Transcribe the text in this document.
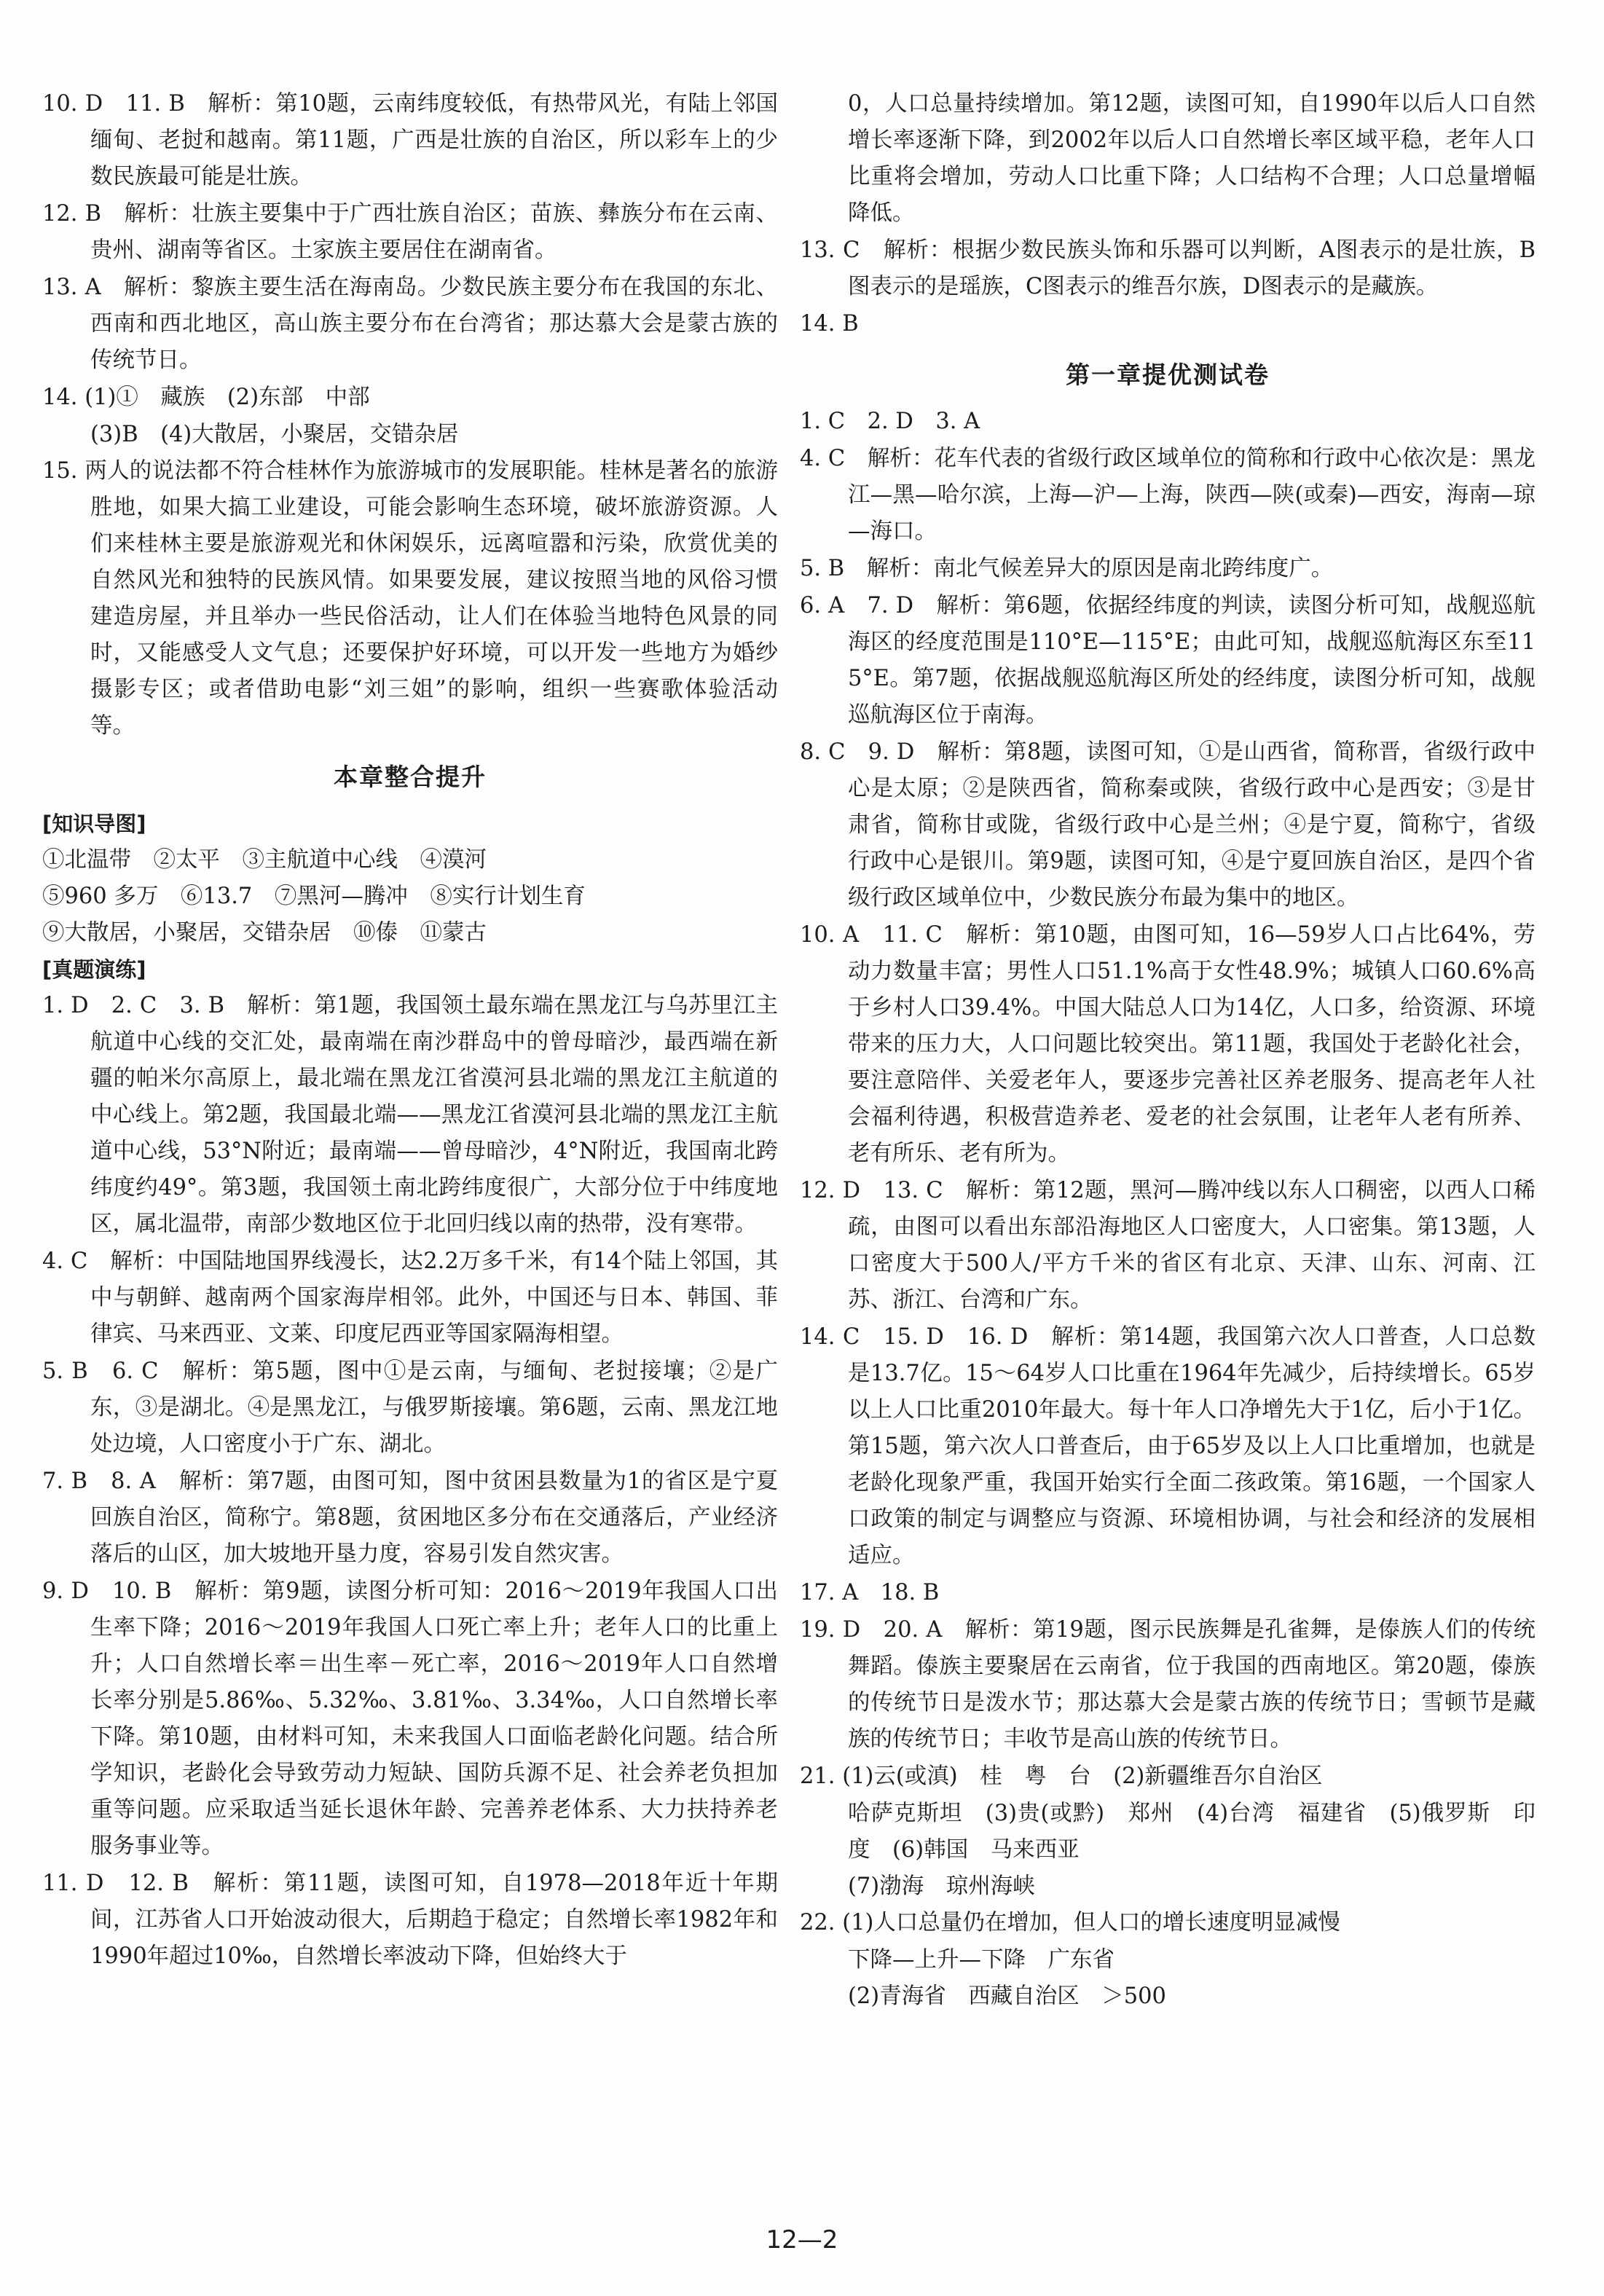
10. D　11. B　解析：第10题，云南纬度较低，有热带风光，有陆上邻国缅甸、老挝和越南。第11题，广西是壮族的自治区，所以彩车上的少数民族最可能是壮族。

12. B　解析：壮族主要集中于广西壮族自治区；苗族、彝族分布在云南、贵州、湖南等省区。土家族主要居住在湖南省。

13. A　解析：黎族主要生活在海南岛。少数民族主要分布在我国的东北、西南和西北地区，高山族主要分布在台湾省；那达慕大会是蒙古族的传统节日。

14. (1)①　藏族　(2)东部　中部

(3)B　(4)大散居，小聚居，交错杂居

15. 两人的说法都不符合桂林作为旅游城市的发展职能。桂林是著名的旅游胜地，如果大搞工业建设，可能会影响生态环境，破坏旅游资源。人们来桂林主要是旅游观光和休闲娱乐，远离喧嚣和污染，欣赏优美的自然风光和独特的民族风情。如果要发展，建议按照当地的风俗习惯建造房屋，并且举办一些民俗活动，让人们在体验当地特色风景的同时，又能感受人文气息；还要保护好环境，可以开发一些地方为婚纱摄影专区；或者借助电影“刘三姐”的影响，组织一些赛歌体验活动等。

本章整合提升
[知识导图]
①北温带　②太平　③主航道中心线　④漠河
⑤960 多万　⑥13.7　⑦黑河—腾冲　⑧实行计划生育
⑨大散居，小聚居，交错杂居　⑩傣　⑪蒙古
[真题演练]

1. D　2. C　3. B　解析：第1题，我国领土最东端在黑龙江与乌苏里江主航道中心线的交汇处，最南端在南沙群岛中的曾母暗沙，最西端在新疆的帕米尔高原上，最北端在黑龙江省漠河县北端的黑龙江主航道的中心线上。第2题，我国最北端——黑龙江省漠河县北端的黑龙江主航道中心线，53°N附近；最南端——曾母暗沙，4°N附近，我国南北跨纬度约49°。第3题，我国领土南北跨纬度很广，大部分位于中纬度地区，属北温带，南部少数地区位于北回归线以南的热带，没有寒带。

4. C　解析：中国陆地国界线漫长，达2.2万多千米，有14个陆上邻国，其中与朝鲜、越南两个国家海岸相邻。此外，中国还与日本、韩国、菲律宾、马来西亚、文莱、印度尼西亚等国家隔海相望。

5. B　6. C　解析：第5题，图中①是云南，与缅甸、老挝接壤；②是广东，③是湖北。④是黑龙江，与俄罗斯接壤。第6题，云南、黑龙江地处边境，人口密度小于广东、湖北。

7. B　8. A　解析：第7题，由图可知，图中贫困县数量为1的省区是宁夏回族自治区，简称宁。第8题，贫困地区多分布在交通落后，产业经济落后的山区，加大坡地开垦力度，容易引发自然灾害。

9. D　10. B　解析：第9题，读图分析可知：2016～2019年我国人口出生率下降；2016～2019年我国人口死亡率上升；老年人口的比重上升；人口自然增长率＝出生率－死亡率，2016～2019年人口自然增长率分别是5.86‰、5.32‰、3.81‰、3.34‰，人口自然增长率下降。第10题，由材料可知，未来我国人口面临老龄化问题。结合所学知识，老龄化会导致劳动力短缺、国防兵源不足、社会养老负担加重等问题。应采取适当延长退休年龄、完善养老体系、大力扶持养老服务事业等。

11. D　12. B　解析：第11题，读图可知，自1978—2018年近十年期间，江苏省人口开始波动很大，后期趋于稳定；自然增长率1982年和1990年超过10‰，自然增长率波动下降，但始终大于

0，人口总量持续增加。第12题，读图可知，自1990年以后人口自然增长率逐渐下降，到2002年以后人口自然增长率区域平稳，老年人口比重将会增加，劳动人口比重下降；人口结构不合理；人口总量增幅降低。

13. C　解析：根据少数民族头饰和乐器可以判断，A图表示的是壮族，B图表示的是瑶族，C图表示的维吾尔族，D图表示的是藏族。

14. B

第一章提优测试卷

1. C　2. D　3. A

4. C　解析：花车代表的省级行政区域单位的简称和行政中心依次是：黑龙江—黑—哈尔滨，上海—沪—上海，陕西—陕(或秦)—西安，海南—琼—海口。

5. B　解析：南北气候差异大的原因是南北跨纬度广。

6. A　7. D　解析：第6题，依据经纬度的判读，读图分析可知，战舰巡航海区的经度范围是110°E—115°E；由此可知，战舰巡航海区东至115°E。第7题，依据战舰巡航海区所处的经纬度，读图分析可知，战舰巡航海区位于南海。

8. C　9. D　解析：第8题，读图可知，①是山西省，简称晋，省级行政中心是太原；②是陕西省，简称秦或陕，省级行政中心是西安；③是甘肃省，简称甘或陇，省级行政中心是兰州；④是宁夏，简称宁，省级行政中心是银川。第9题，读图可知，④是宁夏回族自治区，是四个省级行政区域单位中，少数民族分布最为集中的地区。

10. A　11. C　解析：第10题，由图可知，16—59岁人口占比64%，劳动力数量丰富；男性人口51.1%高于女性48.9%；城镇人口60.6%高于乡村人口39.4%。中国大陆总人口为14亿，人口多，给资源、环境带来的压力大，人口问题比较突出。第11题，我国处于老龄化社会，要注意陪伴、关爱老年人，要逐步完善社区养老服务、提高老年人社会福利待遇，积极营造养老、爱老的社会氛围，让老年人老有所养、老有所乐、老有所为。

12. D　13. C　解析：第12题，黑河—腾冲线以东人口稠密，以西人口稀疏，由图可以看出东部沿海地区人口密度大，人口密集。第13题，人口密度大于500人/平方千米的省区有北京、天津、山东、河南、江苏、浙江、台湾和广东。

14. C　15. D　16. D　解析：第14题，我国第六次人口普查，人口总数是13.7亿。15～64岁人口比重在1964年先减少，后持续增长。65岁以上人口比重2010年最大。每十年人口净增先大于1亿，后小于1亿。第15题，第六次人口普查后，由于65岁及以上人口比重增加，也就是老龄化现象严重，我国开始实行全面二孩政策。第16题，一个国家人口政策的制定与调整应与资源、环境相协调，与社会和经济的发展相适应。

17. A　18. B

19. D　20. A　解析：第19题，图示民族舞是孔雀舞，是傣族人们的传统舞蹈。傣族主要聚居在云南省，位于我国的西南地区。第20题，傣族的传统节日是泼水节；那达慕大会是蒙古族的传统节日；雪顿节是藏族的传统节日；丰收节是高山族的传统节日。

21. (1)云(或滇)　桂　粤　台　(2)新疆维吾尔自治区

哈萨克斯坦　(3)贵(或黔)　郑州　(4)台湾　福建省　(5)俄罗斯　印度　(6)韩国　马来西亚

(7)渤海　琼州海峡

22. (1)人口总量仍在增加，但人口的增长速度明显减慢

下降—上升—下降　广东省

(2)青海省　西藏自治区　＞500

12—2
